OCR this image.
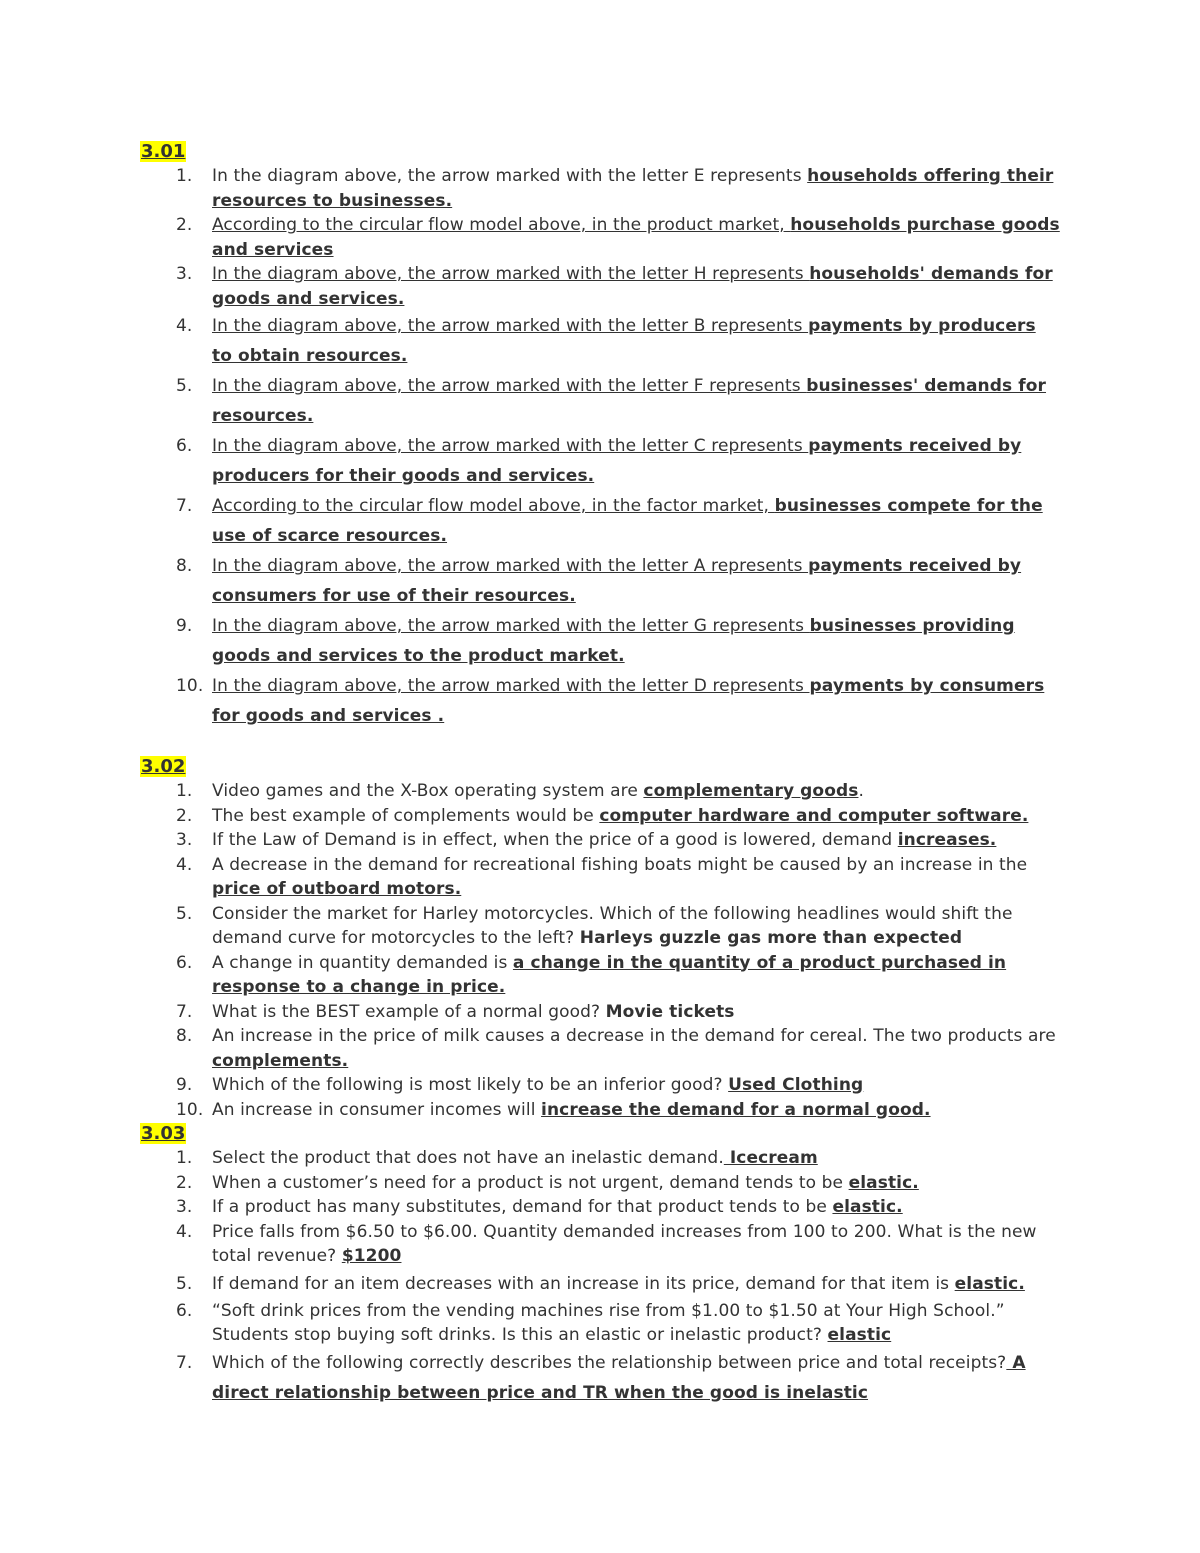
3.01
1. In the diagram above, the arrow marked with the letter E represents households offering their resources to businesses.
2. According to the circular flow model above, in the product market, households purchase goods and services
3. In the diagram above, the arrow marked with the letter H represents households' demands for goods and services.
4. In the diagram above, the arrow marked with the letter B represents payments by producers to obtain resources.
5. In the diagram above, the arrow marked with the letter F represents businesses' demands for resources.
6. In the diagram above, the arrow marked with the letter C represents payments received by producers for their goods and services.
7. According to the circular flow model above, in the factor market, businesses compete for the use of scarce resources.
8. In the diagram above, the arrow marked with the letter A represents payments received by consumers for use of their resources.
9. In the diagram above, the arrow marked with the letter G represents businesses providing goods and services to the product market.
10. In the diagram above, the arrow marked with the letter D represents payments by consumers for goods and services .
3.02
1. Video games and the X-Box operating system are complementary goods.
2. The best example of complements would be computer hardware and computer software.
3. If the Law of Demand is in effect, when the price of a good is lowered, demand increases.
4. A decrease in the demand for recreational fishing boats might be caused by an increase in the price of outboard motors.
5. Consider the market for Harley motorcycles. Which of the following headlines would shift the demand curve for motorcycles to the left? Harleys guzzle gas more than expected
6. A change in quantity demanded is a change in the quantity of a product purchased in response to a change in price.
7. What is the BEST example of a normal good? Movie tickets
8. An increase in the price of milk causes a decrease in the demand for cereal. The two products are complements.
9. Which of the following is most likely to be an inferior good? Used Clothing
10. An increase in consumer incomes will increase the demand for a normal good.
3.03
1. Select the product that does not have an inelastic demand. Icecream
2. When a customer’s need for a product is not urgent, demand tends to be elastic.
3. If a product has many substitutes, demand for that product tends to be elastic.
4. Price falls from $6.50 to $6.00. Quantity demanded increases from 100 to 200. What is the new total revenue? $1200
5. If demand for an item decreases with an increase in its price, demand for that item is elastic.
6. “Soft drink prices from the vending machines rise from $1.00 to $1.50 at Your High School.” Students stop buying soft drinks. Is this an elastic or inelastic product? elastic
7. Which of the following correctly describes the relationship between price and total receipts? A direct relationship between price and TR when the good is inelastic
